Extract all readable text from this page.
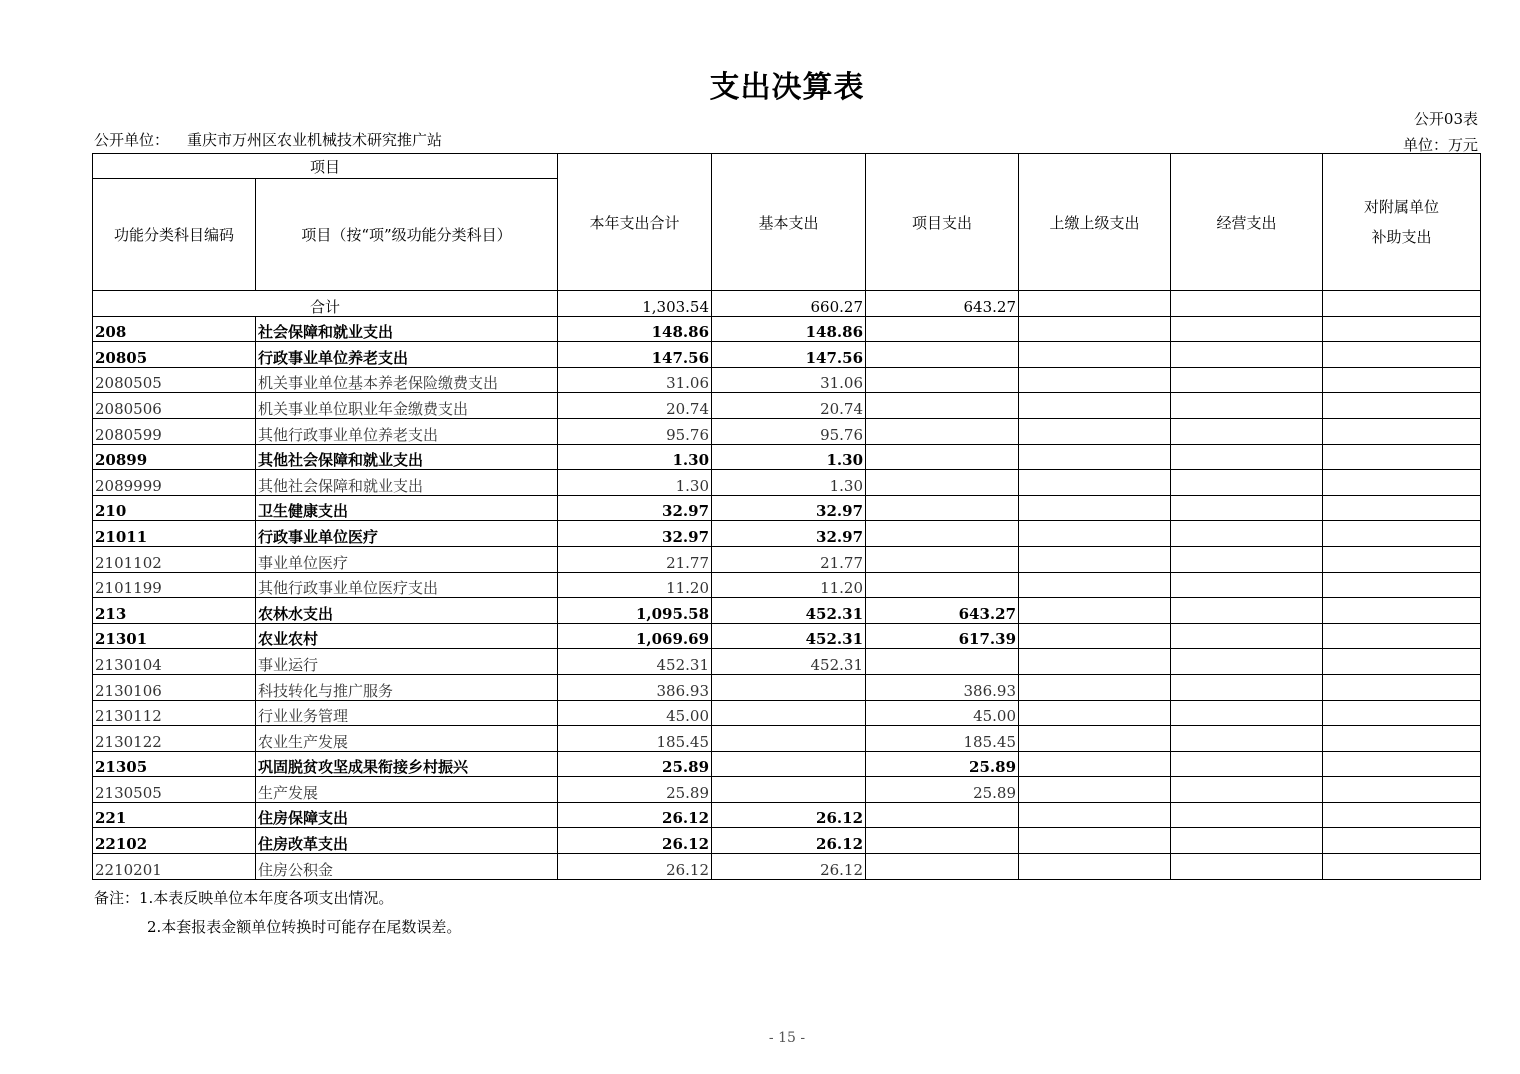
支出决算表
公开03表
公开单位： 重庆市万州区农业机械技术研究推广站	单位：万元
项目		本年支出合计	基本支出	项目支出	上缴上级支出	经营支出	对附属单位
补助支出
功能分类科目编码	项目（按“项”级功能分类科目）						
合计		1,303.54	660.27	643.27			
208	社会保障和就业支出	148.86	148.86				
20805	行政事业单位养老支出	147.56	147.56				
2080505	机关事业单位基本养老保险缴费支出	31.06	31.06				
2080506	机关事业单位职业年金缴费支出	20.74	20.74				
2080599	其他行政事业单位养老支出	95.76	95.76				
20899	其他社会保障和就业支出	1.30	1.30				
2089999	其他社会保障和就业支出	1.30	1.30				
210	卫生健康支出	32.97	32.97				
21011	行政事业单位医疗	32.97	32.97				
2101102	事业单位医疗	21.77	21.77				
2101199	其他行政事业单位医疗支出	11.20	11.20				
213	农林水支出	1,095.58	452.31	643.27			
21301	农业农村	1,069.69	452.31	617.39			
2130104	事业运行	452.31	452.31				
2130106	科技转化与推广服务	386.93		386.93			
2130112	行业业务管理	45.00		45.00			
2130122	农业生产发展	185.45		185.45			
21305	巩固脱贫攻坚成果衔接乡村振兴	25.89		25.89			
2130505	生产发展	25.89		25.89			
221	住房保障支出	26.12	26.12				
22102	住房改革支出	26.12	26.12				
2210201	住房公积金	26.12	26.12				
备注：1.本表反映单位本年度各项支出情况。
2.本套报表金额单位转换时可能存在尾数误差。
- 15 -
